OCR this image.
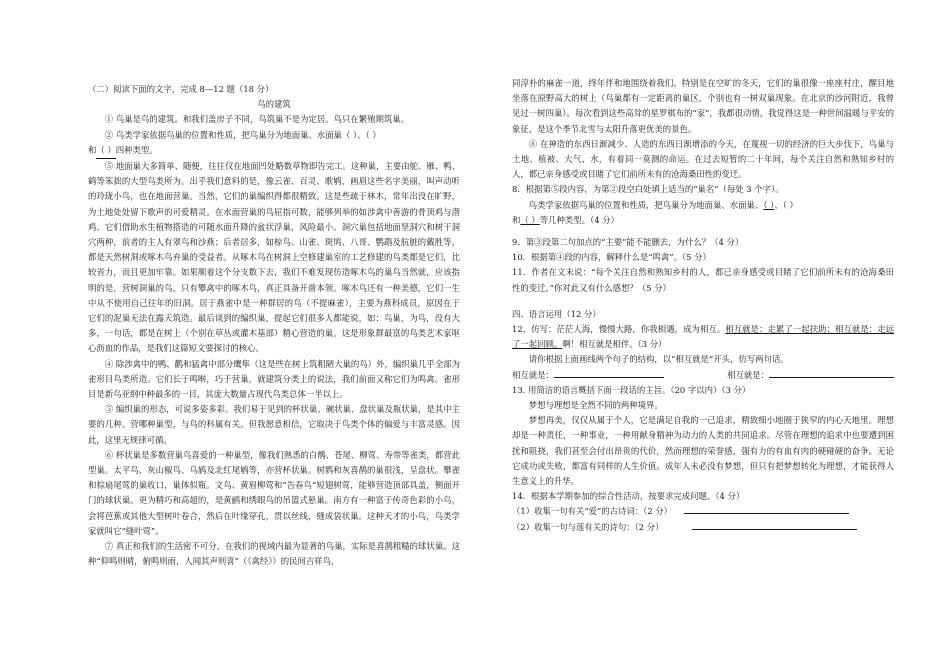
（二）阅读下面的文字，完成 8—12 题（18 分）

鸟的建筑

① 鸟巢是鸟的建筑。和我们盖房子不同，鸟筑巢不是为定居。鸟只在繁殖期筑巢。

② 鸟类学家依据鸟巢的位置和性质，把鸟巢分为地面巢、水面巢（ ）、（ ）

和（ ）四种类型。

⑤ 地面巢大多简单、随便，往往仅在地面凹处略数草物即告完工。这种巢，主要由鸵、雁、鸭、鹤等笨拙的大型鸟类所为。出乎我们意料的是，像云雀、百灵、歌鸲，画眉这些名字美丽，叫声动听的玲珑小鸟，也在地面营巢。当然，它们的巢编织得都很精致。这是些疏于林木，常年出没在旷野，为土地处处留下歌声的可爱精灵。在水面营巢的鸟屈指可数，能够列举的如涉禽中善游的骨顶鸡与潜鸡。它们借助水生植物搭造的可随水面升降的盆状浮巢，风险最小。洞穴巢包括地面坚洞穴和树干洞穴两种，前者的主人有翠鸟和沙燕；后者居多，如椋鸟、山雀、斑鸠、八哥、鹦鹉及肮脏的戴胜等，都是天然树洞或啄木鸟弃巢的受益者。从啄木鸟在树洞上空修建巢室的工艺修建的鸟类都是它们，比较省力，而且更加牢靠。如果顺着这个分支数下去，我们不难发现仿造啄木鸟的巢鸟当然就，应该指明的是，营树洞巢的鸟，只有攀禽中的啄木鸟，真正具备开凿本领。啄木鸟还有一种美德，它们一生中从不使用自己往年的旧洞。居于燕雀中是一种群居的鸟（不提麻雀），主要为燕科成员，原因在于它们的泥巢无法在露天筑造。最后谈到的编织巢，提起它们很多人都能说，如：鸟巢，为鸟，没有大多，一句话，都是在树上（个别在草丛或灌木基部）精心营造的巢。这是形象群最富的鸟类艺术家呕心沥血的作品，是我们这篇短文要探讨的核心。

④ 除涉禽中的鸭、鹳和猛禽中部分鹰隼（这是些在树上筑粗陋大巢的鸟）外，编织巢几乎全部为雀形目鸟类所造。它们长于鸣啭，巧于营巢，就建筑分类上的说法，我们前面又称它们为鸣禽。雀形目是新鸟亚纲中种最多的一目，其庞大数量占现代鸟类总体一半以上。

⑤ 编织巢的形态，可说多姿多彩。我们易于见到的杯状巢、碗状巢、盘状巢及瓶状巢，是其中主要的几种。营哪种巢型，与鸟的科属有关。但我愿意相信，它取决于鸟类个体的偏爱与丰富灵感。因此，这里无规律可循。

⑥ 杯状巢是多数营巢鸟喜爱的一种巢型，像我们熟悉的白鹡、苍尾、柳莺、寿带等雀类，都营此型巢。太平鸟、灰山椒鸟、乌鸫及北红尾鸲等，亦营杯状巢。树鹨和灰喜鹊的巢很浅，呈盘状。攀雀和棕扇尾莺的巢收口，巢体似瓶。文鸟、黄眉柳莺和“告春鸟”短翅树莺，能够营造顶部具盖，侧面开门的球状巢。更为精巧和高超的，是黄鹂和绣眼鸟的吊篮式悬巢。南方有一种富于传奇色彩的小鸟，会将芭蕉或其他大型树叶卷合，然后在叶缘穿孔，贯以丝线，缝成袋状巢。这种天才的小鸟，鸟类学家就叫它“缝叶莺”。

⑦ 真正和我们的生活密不可分，在我们的视域内最为显著的鸟巢，实际是喜鹊粗糙的球状巢。这种“仰鸣则晴，俯鸣则雨，人闻其声则喜”（《禽经》）的民间吉祥鸟，

同淳朴的麻雀一道，终年伴和地围绕着我们。特别是在空旷的冬天，它们的巢很像一座座村庄，醒目地坐落在原野高大的树上（鸟巢都有一定距离的巢区，个别也有一树双巢现象。在北京的沙河附近，我曾见过一树四巢）。每次看到这些高耸的星罗棋布的“家”，我都很动情，我觉得这是一种世间温暖与平安的象征，是这个季节北雪与太阳升落更优美的景色。

⑧ 在神造的东西日渐减少、人造的东西日渐增添的今天，在蔑视一切的经济的巨大步伐下，鸟巢与土地、植被、大气、水，有着同一莫测的命运。在过去短暂的二十年间，每个关注自然和熟知乡村的人，都已亲身感受或目睹了它们前所未有的沧海桑田性的变迁。

8．根据第⑤段内容，为第②段空白处填上适当的“巢名”（每处 3 个字）。

鸟类学家依据鸟巢的位置和性质，把鸟巢分为地面巢、水面巢、（ ）、（ ）

和（ ）等几种类型。（4 分）

9．第③段第二句加点的“主要”能不能删去，为什么？（4 分）

10．根据第④段的内容，解释什么是“鸣禽”。（5 分）

11．作者在文末说：“每个关注自然和熟知乡村的人，都已亲身感受或目睹了它们前所未有的沧海桑田性的变迁。”你对此又有什么感想？（5 分）

四、语言运用（12 分）

12、仿写：茫茫人海，慢慢大路，你我相遇，成为相互。相互就是：走累了一起扶助；相互就是：走远了一起回顾。啊！相互就是相伴。（3 分）

请你根据上面画线两个句子的结构，以“相互就是”开头，仿写两句话。

相互就是：	相互就是：

13. 用简洁的语言概括下面一段话的主旨。（20 字以内）（3 分）

梦想与理想是全然不同的两种境界。

梦想再美，仅仅从属于个人，它是满足自我的一己追求，精致细小地圈于狭窄的内心天地里。理想却是一种责任，一种事业，一种用献身精神为动力的人类的共同追求。尽管在理想的追求中也要遭到困扰和阻挠，我们甚至会付出昂贵的代价，然而理想的荣誉感，强有力的有血有肉的硬碰硬的奋争。无论它成功或失败，都富有同样的人生价值。成年人未必没有梦想，但只有把梦想转化为理想，才能获得人生意义上的升华。

14．根据本学期参加的综合性活动，按要求完成问题。（4 分）

（1）收集一句有关“爱”的古诗词：（2 分）

（2）收集一句与莲有关的诗句：（2 分）
